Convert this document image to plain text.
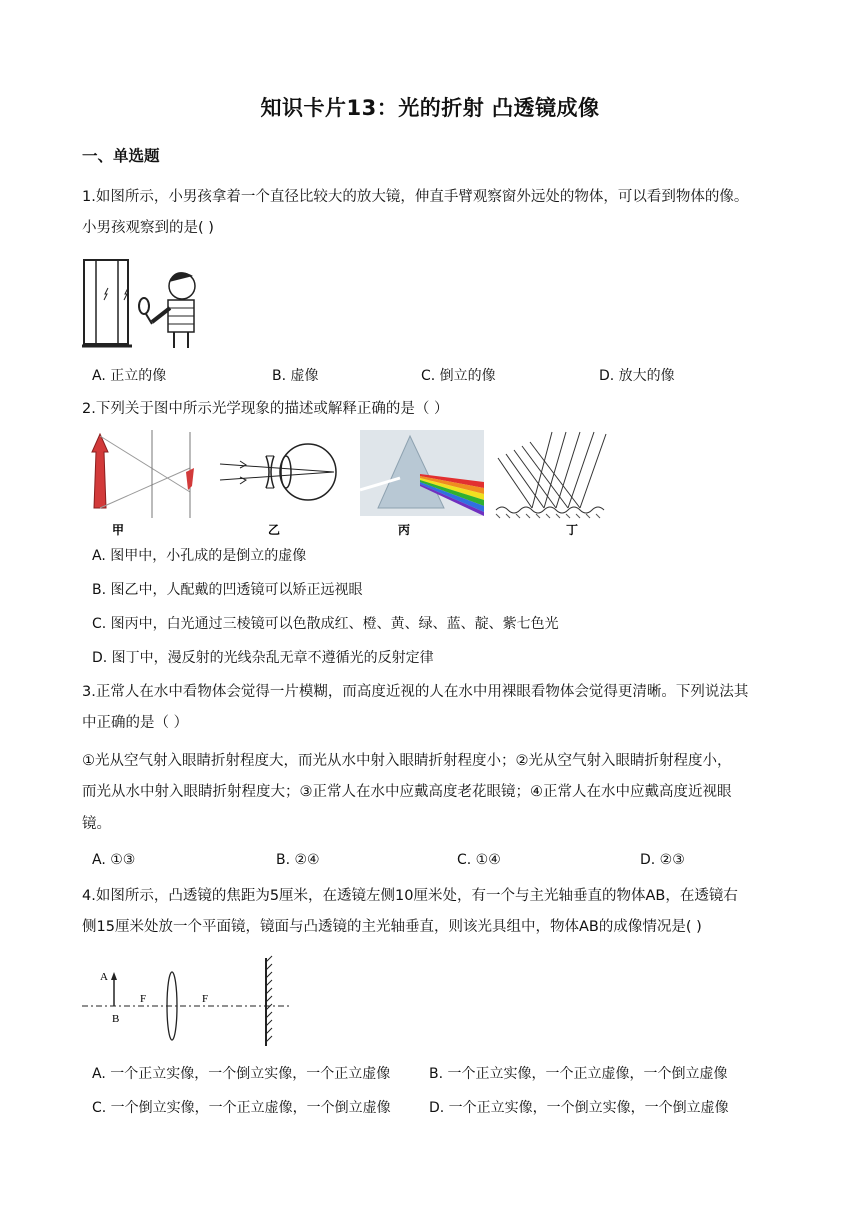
知识卡片13：光的折射 凸透镜成像
一、单选题
1.如图所示，小男孩拿着一个直径比较大的放大镜，伸直手臂观察窗外远处的物体，可以看到物体的像。
小男孩观察到的是( )
A. 正立的像	B. 虚像	C. 倒立的像	D. 放大的像
2.下列关于图中所示光学现象的描述或解释正确的是（ ）
甲	乙	丙	丁
A. 图甲中，小孔成的是倒立的虚像
B. 图乙中，人配戴的凹透镜可以矫正远视眼
C. 图丙中，白光通过三棱镜可以色散成红、橙、黄、绿、蓝、靛、紫七色光
D. 图丁中，漫反射的光线杂乱无章不遵循光的反射定律
3.正常人在水中看物体会觉得一片模糊，而高度近视的人在水中用裸眼看物体会觉得更清晰。下列说法其
中正确的是（ ）
①光从空气射入眼睛折射程度大，而光从水中射入眼睛折射程度小；②光从空气射入眼睛折射程度小，
而光从水中射入眼睛折射程度大；③正常人在水中应戴高度老花眼镜；④正常人在水中应戴高度近视眼
镜。
A. ①③	B. ②④	C. ①④	D. ②③
4.如图所示，凸透镜的焦距为5厘米，在透镜左侧10厘米处，有一个与主光轴垂直的物体AB，在透镜右
侧15厘米处放一个平面镜，镜面与凸透镜的主光轴垂直，则该光具组中，物体AB的成像情况是( )
A
B
F	F
A. 一个正立实像，一个倒立实像，一个正立虚像	B. 一个正立实像，一个正立虚像，一个倒立虚像
C. 一个倒立实像，一个正立虚像，一个倒立虚像	D. 一个正立实像，一个倒立实像，一个倒立虚像
